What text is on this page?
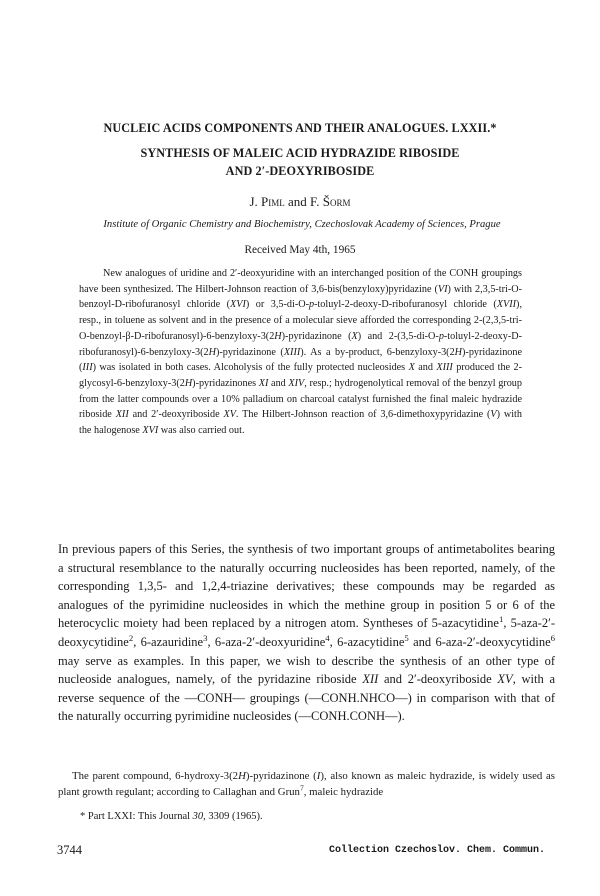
NUCLEIC ACIDS COMPONENTS AND THEIR ANALOGUES. LXXII.*
SYNTHESIS OF MALEIC ACID HYDRAZIDE RIBOSIDE
AND 2′-DEOXYRIBOSIDE
J. Piml and F. Šorm
Institute of Organic Chemistry and Biochemistry, Czechoslovak Academy of Sciences, Prague
Received May 4th, 1965

New analogues of uridine and 2′-deoxyuridine with an interchanged position of the CONH groupings have been synthesized. The Hilbert-Johnson reaction of 3,6-bis(benzyloxy)pyridazine (VI) with 2,3,5-tri-O-benzoyl-D-ribofuranosyl chloride (XVI) or 3,5-di-O-p-toluyl-2-deoxy-D-ribofuranosyl chloride (XVII), resp., in toluene as solvent and in the presence of a molecular sieve afforded the corresponding 2-(2,3,5-tri-O-benzoyl-β-D-ribofuranosyl)-6-benzyloxy-3(2H)-pyridazinone (X) and 2-(3,5-di-O-p-toluyl-2-deoxy-D-ribofuranosyl)-6-benzyloxy-3(2H)-pyridazinone (XIII). As a by-product, 6-benzyloxy-3(2H)-pyridazinone (III) was isolated in both cases. Alcoholysis of the fully protected nucleosides X and XIII produced the 2-glycosyl-6-benzyloxy-3(2H)-pyridazinones XI and XIV, resp.; hydrogenolytical removal of the benzyl group from the latter compounds over a 10% palladium on charcoal catalyst furnished the final maleic hydrazide riboside XII and 2′-deoxyriboside XV. The Hilbert-Johnson reaction of 3,6-dimethoxypyridazine (V) with the halogenose XVI was also carried out.

In previous papers of this Series, the synthesis of two important groups of antimetabolites bearing a structural resemblance to the naturally occurring nucleosides has been reported, namely, of the corresponding 1,3,5- and 1,2,4-triazine derivatives; these compounds may be regarded as analogues of the pyrimidine nucleosides in which the methine group in position 5 or 6 of the heterocyclic moiety had been replaced by a nitrogen atom. Syntheses of 5-azacytidine$^1$, 5-aza-2′-deoxycytidine$^2$, 6-azauridine$^3$, 6-aza-2′-deoxyuridine$^4$, 6-azacytidine$^5$ and 6-aza-2′-deoxycytidine$^6$ may serve as examples. In this paper, we wish to describe the synthesis of an other type of nucleoside analogues, namely, of the pyridazine riboside XII and 2′-deoxyriboside XV, with a reverse sequence of the —CONH— groupings (—CONH.NHCO—) in comparison with that of the naturally occurring pyrimidine nucleosides (—CONH.CONH—).

The parent compound, 6-hydroxy-3(2H)-pyridazinone (I), also known as maleic hydrazide, is widely used as plant growth regulant; according to Callaghan and Grun$^7$, maleic hydrazide

* Part LXXI: This Journal 30, 3309 (1965).
3744	Collection Czechoslov. Chem. Commun.
